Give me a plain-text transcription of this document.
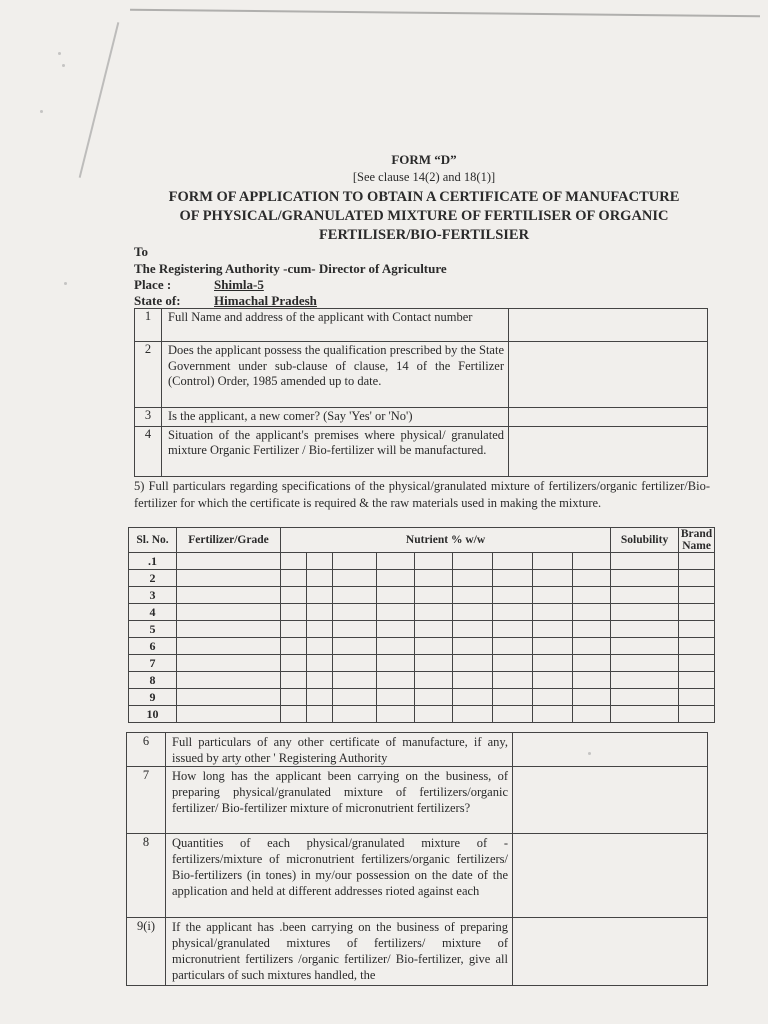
FORM “D”
[See clause 14(2) and 18(1)]
FORM OF APPLICATION TO OBTAIN A CERTIFICATE OF MANUFACTURE
OF PHYSICAL/GRANULATED MIXTURE OF FERTILISER OF ORGANIC
FERTILISER/BIO-FERTILSIER
To
The Registering Authority -cum- Director of Agriculture
Place :	Shimla-5
State of:	Himachal Pradesh
1	Full Name and address of the applicant with Contact number	
2	Does the applicant possess the qualification prescribed by the State Government under sub-clause of clause, 14 of the Fertilizer (Control) Order, 1985 amended up to date.	
3	Is the applicant, a new comer? (Say 'Yes' or 'No')	
4	Situation of the applicant's premises where physical/ granulated mixture Organic Fertilizer / Bio-fertilizer will be manufactured.	
5) Full particulars regarding specifications of the physical/granulated mixture of fertilizers/organic fertilizer/Bio-fertilizer for which the certificate is required & the raw materials used in making the mixture.
Sl. No.	Fertilizer/Grade	Nutrient % w/w									Solubility	Brand Name
.1												
2												
3												
4												
5												
6												
7												
8												
9												
10												
6	Full particulars of any other certificate of manufacture, if any, issued by arty other ' Registering Authority	
7	How long has the applicant been carrying on the business, of preparing physical/granulated mixture of fertilizers/organic fertilizer/ Bio-fertilizer mixture of micronutrient fertilizers?	
8	Quantities of each physical/granulated mixture of - fertilizers/mixture of micronutrient fertilizers/organic fertilizers/ Bio-fertilizers (in tones) in my/our possession on the date of the application and held at different addresses rioted against each	
9(i)	If the applicant has .been carrying on the business of preparing physical/granulated mixtures of fertilizers/ mixture of micronutrient fertilizers /organic fertilizer/ Bio-fertilizer, give all particulars of such mixtures handled, the	
